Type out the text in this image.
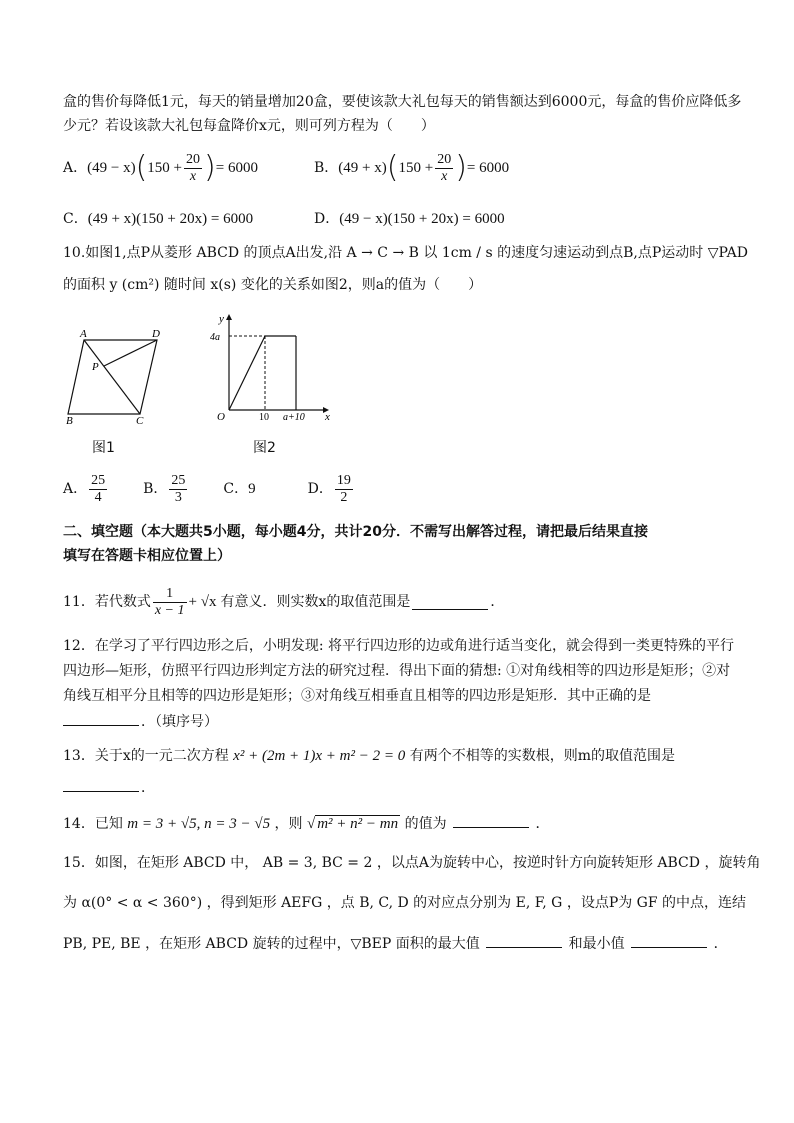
盒的售价每降低1元，每天的销量增加20盒，要使该款大礼包每天的销售额达到6000元，每盒的售价应降低多
少元？若设该款大礼包每盒降价x元，则可列方程为（　　）
A． (49 − x) ( $150 + \frac{20}{x}$ ) = 6000	B． (49 + x) ( $150 + \frac{20}{x}$ ) = 6000
C．(49 + x)(150 + 20x) = 6000	D．(49 − x)(150 + 20x) = 6000
10.如图1,点P从菱形 ABCD 的顶点A出发,沿 A → C → B 以 1cm / s 的速度匀速运动到点B,点P运动时 ▽PAD
的面积 y (cm²) 随时间 x(s) 变化的关系如图2，则a的值为（　　）
A	D
P
B	C
图1
y
x
4a
O	10 a+10
图2
A． $\frac{25}{4}$	B． $\frac{25}{3}$	C． 9	D． $\frac{19}{2}$
二、填空题（本大题共5小题，每小题4分，共计20分．不需写出解答过程，请把最后结果直接
填写在答题卡相应位置上）
11．若代数式 $\frac{1}{x - 1} + √x$ 有意义．则实数x的取值范围是	．
12．在学习了平行四边形之后，小明发现: 将平行四边形的边或角进行适当变化，就会得到一类更特殊的平行
四边形—矩形，仿照平行四边形判定方法的研究过程．得出下面的猜想: ①对角线相等的四边形是矩形；②对
角线互相平分且相等的四边形是矩形；③对角线互相垂直且相等的四边形是矩形．其中正确的是
．（填序号）
13．关于x的一元二次方程 x² + (2m + 1)x + m² − 2 = 0 有两个不相等的实数根，则m的取值范围是
．
14．已知 m = 3 + √5, n = 3 − √5 ，则 √ m² + n² − mn 的值为	．
15．如图，在矩形 ABCD 中， AB = 3, BC = 2 ，以点A为旋转中心，按逆时针方向旋转矩形 ABCD ，旋转角
为 α(0° < α < 360°) ，得到矩形 AEFG ，点 B, C, D 的对应点分别为 E, F, G ，设点P为 GF 的中点，连结
PB, PE, BE ，在矩形 ABCD 旋转的过程中，▽BEP 面积的最大值	和最小值	．
